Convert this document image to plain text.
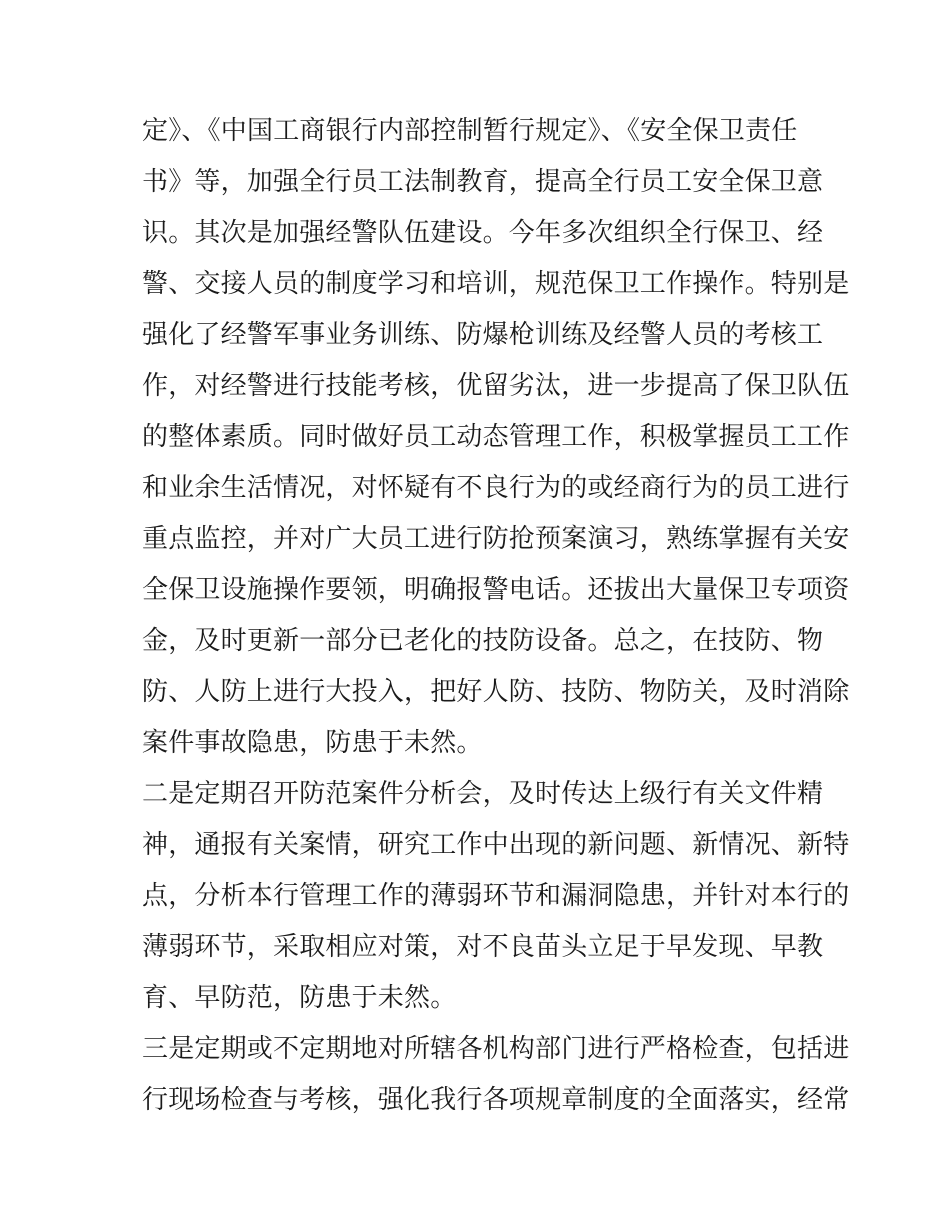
定》、《中国工商银行内部控制暂行规定》、《安全保卫责任
书》等，加强全行员工法制教育，提高全行员工安全保卫意
识。其次是加强经警队伍建设。今年多次组织全行保卫、经
警、交接人员的制度学习和培训，规范保卫工作操作。特别是
强化了经警军事业务训练、防爆枪训练及经警人员的考核工
作，对经警进行技能考核，优留劣汰，进一步提高了保卫队伍
的整体素质。同时做好员工动态管理工作，积极掌握员工工作
和业余生活情况，对怀疑有不良行为的或经商行为的员工进行
重点监控，并对广大员工进行防抢预案演习，熟练掌握有关安
全保卫设施操作要领，明确报警电话。还拔出大量保卫专项资
金，及时更新一部分已老化的技防设备。总之，在技防、物
防、人防上进行大投入，把好人防、技防、物防关，及时消除
案件事故隐患，防患于未然。
二是定期召开防范案件分析会，及时传达上级行有关文件精
神，通报有关案情，研究工作中出现的新问题、新情况、新特
点，分析本行管理工作的薄弱环节和漏洞隐患，并针对本行的
薄弱环节，采取相应对策，对不良苗头立足于早发现、早教
育、早防范，防患于未然。
三是定期或不定期地对所辖各机构部门进行严格检查，包括进
行现场检查与考核，强化我行各项规章制度的全面落实，经常
